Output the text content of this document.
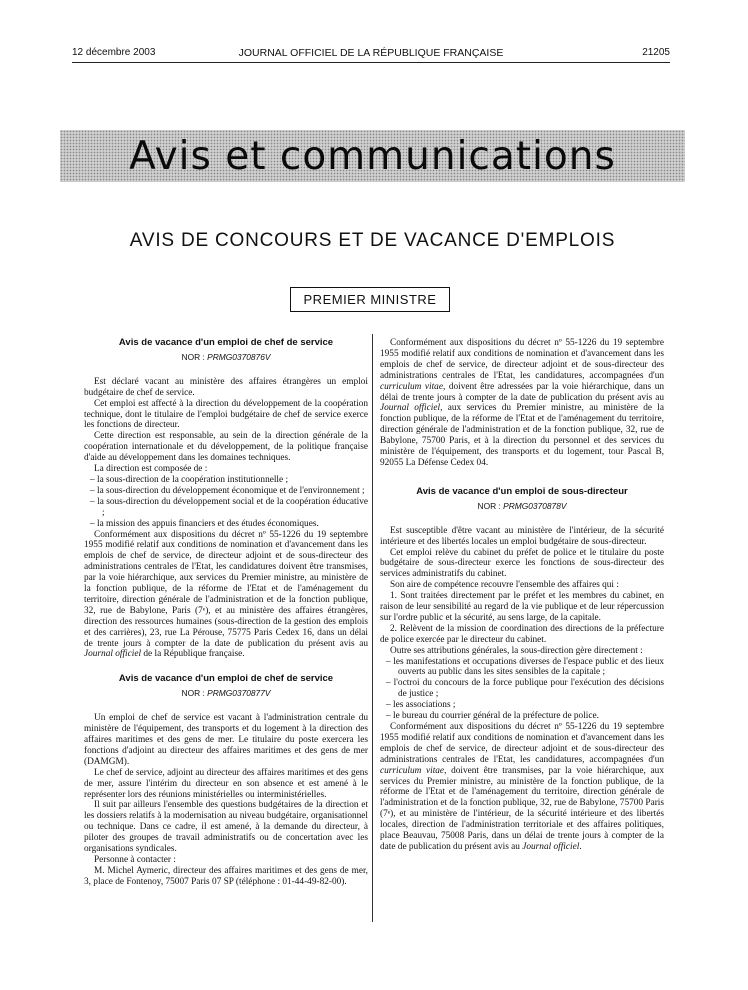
12 décembre 2003	JOURNAL OFFICIEL DE LA RÉPUBLIQUE FRANÇAISE	21205
Avis et communications
AVIS DE CONCOURS ET DE VACANCE D'EMPLOIS
PREMIER MINISTRE
Avis de vacance d'un emploi de chef de service
NOR : PRMG0370876V

Est déclaré vacant au ministère des affaires étrangères un emploi budgétaire de chef de service.

Cet emploi est affecté à la direction du développement de la coopération technique, dont le titulaire de l'emploi budgétaire de chef de service exerce les fonctions de directeur.

Cette direction est responsable, au sein de la direction générale de la coopération internationale et du développement, de la politique française d'aide au développement dans les domaines techniques.

La direction est composée de :

– la sous-direction de la coopération institutionnelle ;
– la sous-direction du développement économique et de l'environnement ;
– la sous-direction du développement social et de la coopération éducative ;
– la mission des appuis financiers et des études économiques.

Conformément aux dispositions du décret nº 55-1226 du 19 septembre 1955 modifié relatif aux conditions de nomination et d'avancement dans les emplois de chef de service, de directeur adjoint et de sous-directeur des administrations centrales de l'Etat, les candidatures doivent être transmises, par la voie hiérarchique, aux services du Premier ministre, au ministère de la fonction publique, de la réforme de l'Etat et de l'aménagement du territoire, direction générale de l'administration et de la fonction publique, 32, rue de Babylone, Paris (7ᵉ), et au ministère des affaires étrangères, direction des ressources humaines (sous-direction de la gestion des emplois et des carrières), 23, rue La Pérouse, 75775 Paris Cedex 16, dans un délai de trente jours à compter de la date de publication du présent avis au Journal officiel de la République française.

Avis de vacance d'un emploi de chef de service
NOR : PRMG0370877V

Un emploi de chef de service est vacant à l'administration centrale du ministère de l'équipement, des transports et du logement à la direction des affaires maritimes et des gens de mer. Le titulaire du poste exercera les fonctions d'adjoint au directeur des affaires maritimes et des gens de mer (DAMGM).

Le chef de service, adjoint au directeur des affaires maritimes et des gens de mer, assure l'intérim du directeur en son absence et est amené à le représenter lors des réunions ministérielles ou interministérielles.

Il suit par ailleurs l'ensemble des questions budgétaires de la direction et les dossiers relatifs à la modernisation au niveau budgétaire, organisationnel ou technique. Dans ce cadre, il est amené, à la demande du directeur, à piloter des groupes de travail administratifs ou de concertation avec les organisations syndicales.

Personne à contacter :

M. Michel Aymeric, directeur des affaires maritimes et des gens de mer, 3, place de Fontenoy, 75007 Paris 07 SP (téléphone : 01-44-49-82-00).

Conformément aux dispositions du décret nº 55-1226 du 19 septembre 1955 modifié relatif aux conditions de nomination et d'avancement dans les emplois de chef de service, de directeur adjoint et de sous-directeur des administrations centrales de l'Etat, les candidatures, accompagnées d'un curriculum vitae, doivent être adressées par la voie hiérarchique, dans un délai de trente jours à compter de la date de publication du présent avis au Journal officiel, aux services du Premier ministre, au ministère de la fonction publique, de la réforme de l'Etat et de l'aménagement du territoire, direction générale de l'administration et de la fonction publique, 32, rue de Babylone, 75700 Paris, et à la direction du personnel et des services du ministère de l'équipement, des transports et du logement, tour Pascal B, 92055 La Défense Cedex 04.

Avis de vacance d'un emploi de sous-directeur
NOR : PRMG0370878V

Est susceptible d'être vacant au ministère de l'intérieur, de la sécurité intérieure et des libertés locales un emploi budgétaire de sous-directeur.

Cet emploi relève du cabinet du préfet de police et le titulaire du poste budgétaire de sous-directeur exerce les fonctions de sous-directeur des services administratifs du cabinet.

Son aire de compétence recouvre l'ensemble des affaires qui :

1. Sont traitées directement par le préfet et les membres du cabinet, en raison de leur sensibilité au regard de la vie publique et de leur répercussion sur l'ordre public et la sécurité, au sens large, de la capitale.

2. Relèvent de la mission de coordination des directions de la préfecture de police exercée par le directeur du cabinet.

Outre ses attributions générales, la sous-direction gère directement :

– les manifestations et occupations diverses de l'espace public et des lieux ouverts au public dans les sites sensibles de la capitale ;
– l'octroi du concours de la force publique pour l'exécution des décisions de justice ;
– les associations ;
– le bureau du courrier général de la préfecture de police.

Conformément aux dispositions du décret nº 55-1226 du 19 septembre 1955 modifié relatif aux conditions de nomination et d'avancement dans les emplois de chef de service, de directeur adjoint et de sous-directeur des administrations centrales de l'Etat, les candidatures, accompagnées d'un curriculum vitae, doivent être transmises, par la voie hiérarchique, aux services du Premier ministre, au ministère de la fonction publique, de la réforme de l'Etat et de l'aménagement du territoire, direction générale de l'administration et de la fonction publique, 32, rue de Babylone, 75700 Paris (7ᵉ), et au ministère de l'intérieur, de la sécurité intérieure et des libertés locales, direction de l'administration territoriale et des affaires politiques, place Beauvau, 75008 Paris, dans un délai de trente jours à compter de la date de publication du présent avis au Journal officiel.
